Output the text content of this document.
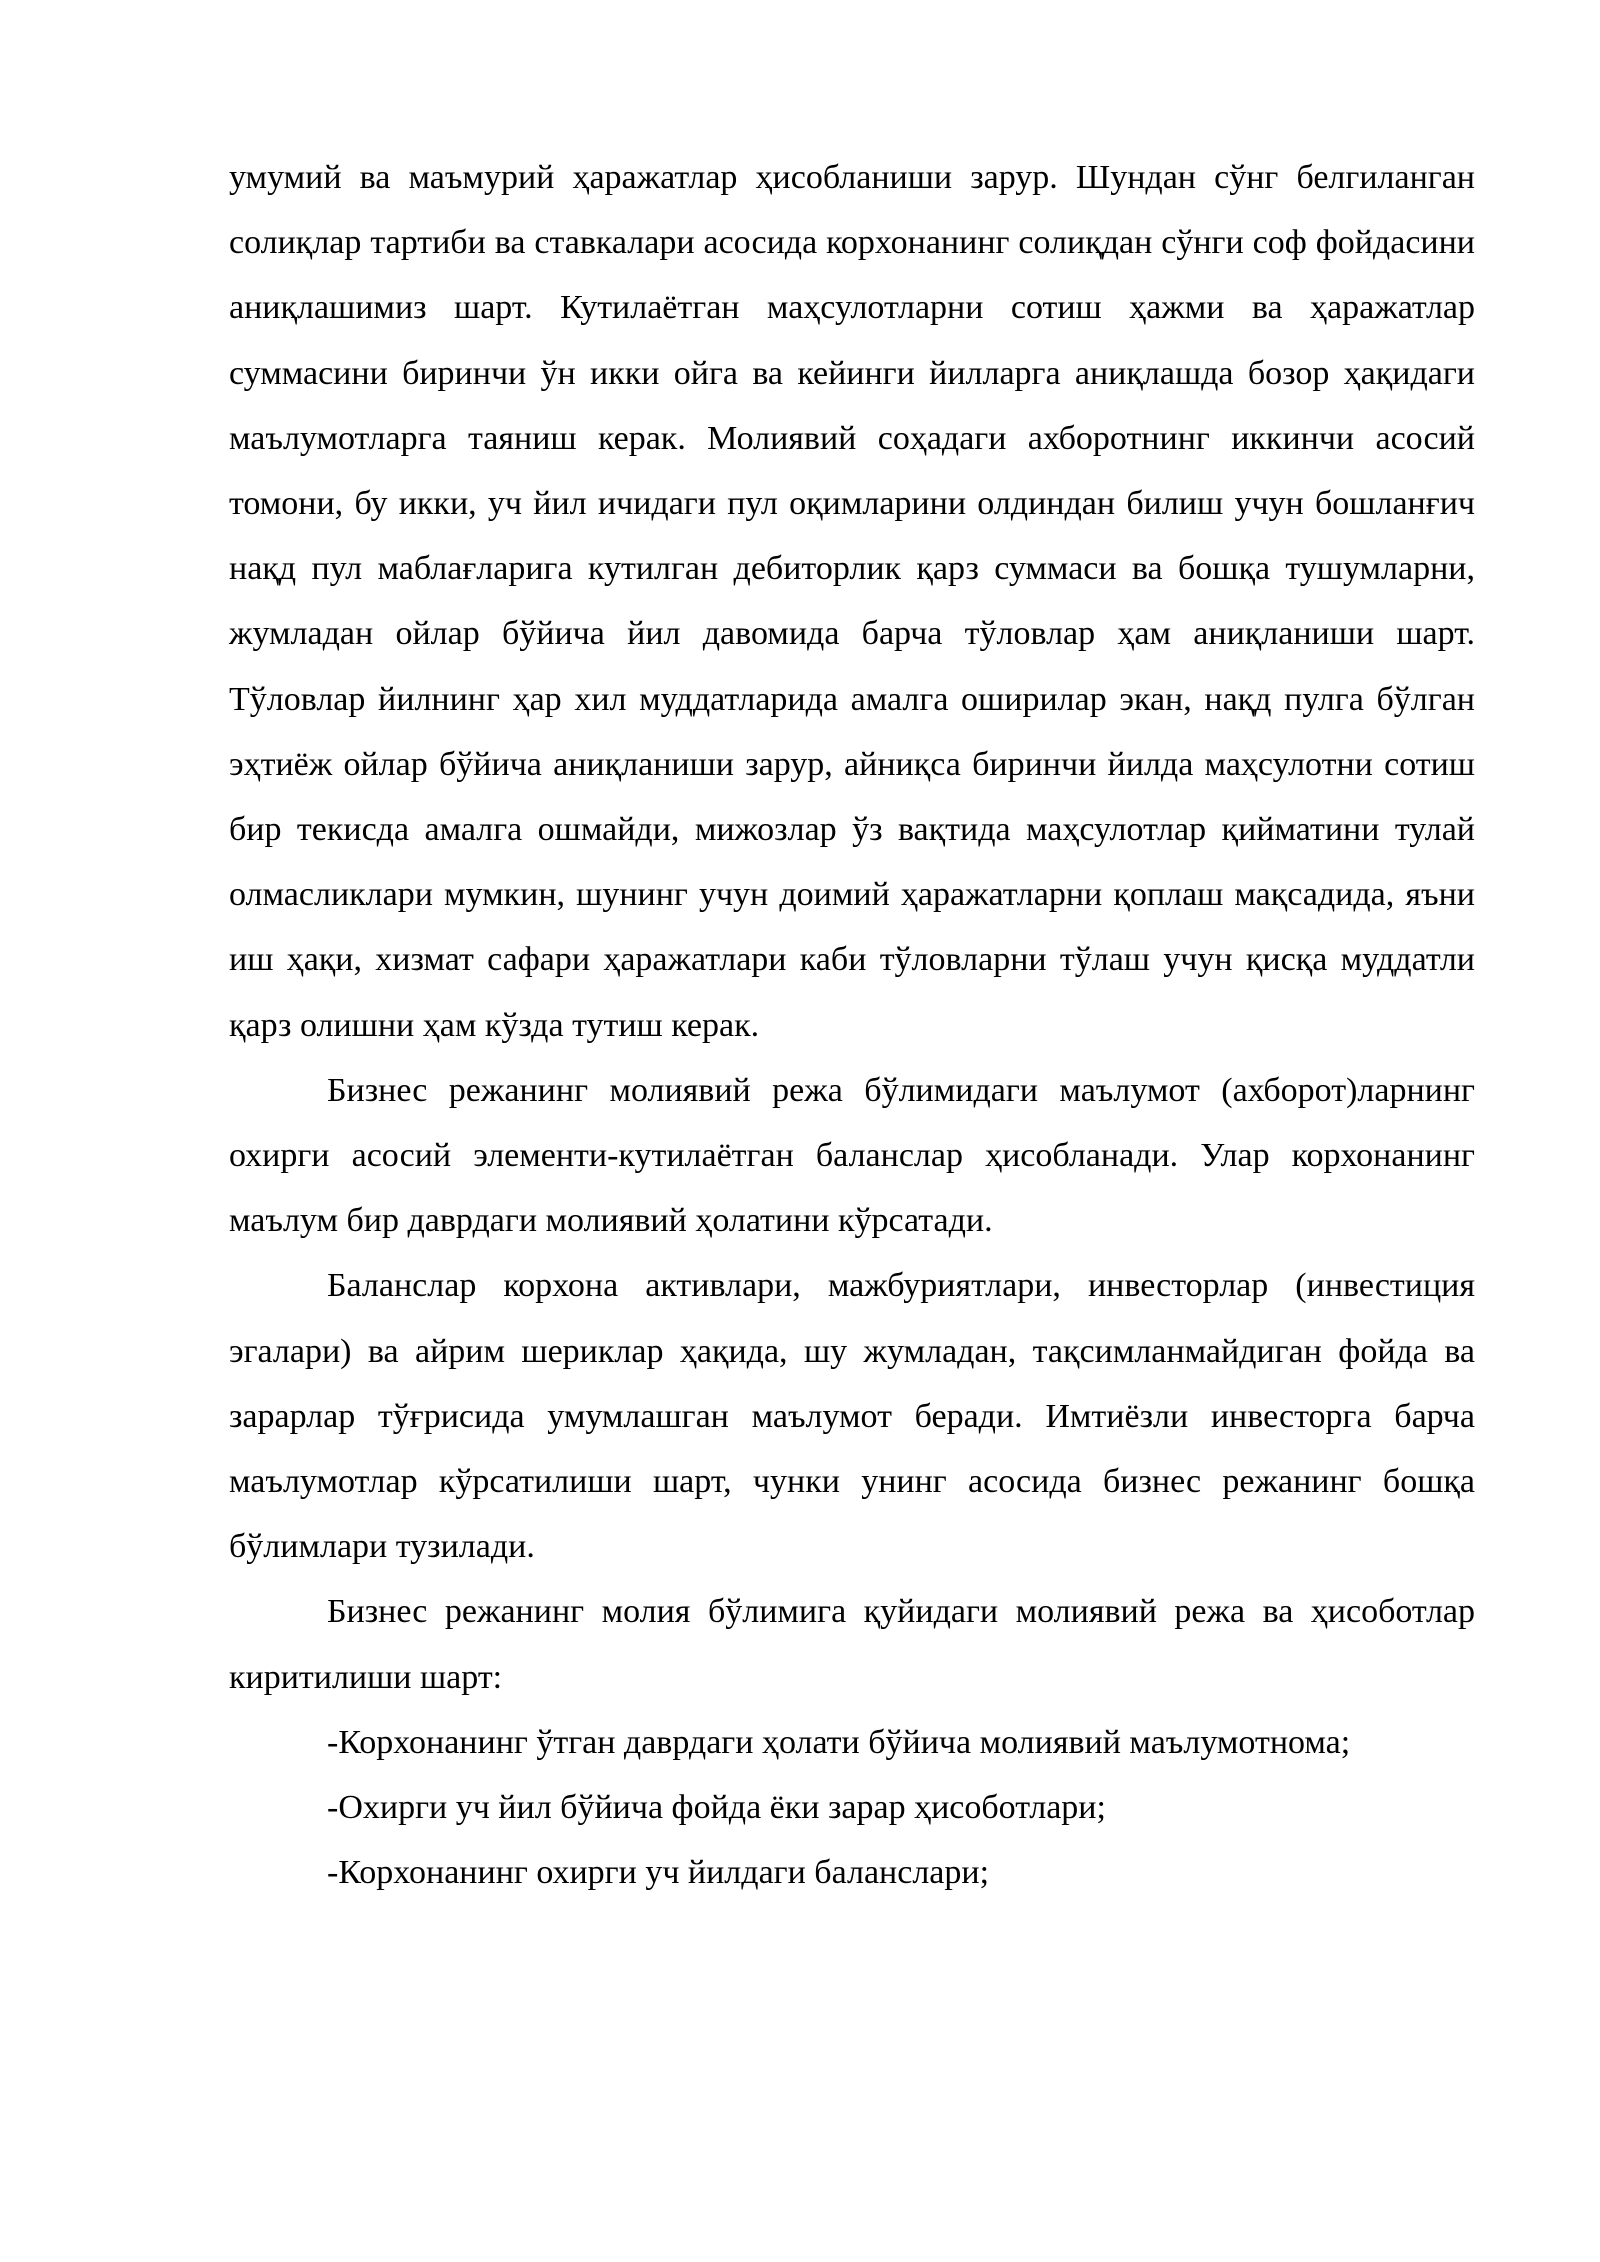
умумий ва маъмурий ҳаражатлар ҳисобланиши зарур. Шундан сўнг белгиланган солиқлар тартиби ва ставкалари асосида корхонанинг солиқдан сўнги соф фойдасини аниқлашимиз шарт. Кутилаётган маҳсулотларни сотиш ҳажми ва ҳаражатлар суммасини биринчи ўн икки ойга ва кейинги йилларга аниқлашда бозор ҳақидаги маълумотларга таяниш керак. Молиявий соҳадаги ахборотнинг иккинчи асосий томони, бу икки, уч йил ичидаги пул оқимларини олдиндан билиш учун бошланғич нақд пул маблағларига кутилган дебиторлик қарз суммаси ва бошқа тушумларни, жумладан ойлар бўйича йил давомида барча тўловлар ҳам аниқланиши шарт. Тўловлар йилнинг ҳар хил муддатларида амалга оширилар экан, нақд пулга бўлган эҳтиёж ойлар бўйича аниқланиши зарур, айниқса биринчи йилда маҳсулотни сотиш бир текисда амалга ошмайди, мижозлар ўз вақтида маҳсулотлар қийматини тулай олмасликлари мумкин, шунинг учун доимий ҳаражатларни қоплаш мақсадида, яъни иш ҳақи, хизмат сафари ҳаражатлари каби тўловларни тўлаш учун қисқа муддатли қарз олишни ҳам кўзда тутиш керак.

Бизнес режанинг молиявий режа бўлимидаги маълумот (ахборот)ларнинг охирги асосий элементи-кутилаётган баланслар ҳисобланади. Улар корхонанинг маълум бир даврдаги молиявий ҳолатини кўрсатади.

Баланслар корхона активлари, мажбуриятлари, инвесторлар (инвестиция эгалари) ва айрим шериклар ҳақида, шу жумладан, тақсимланмайдиган фойда ва зарарлар тўғрисида умумлашган маълумот беради. Имтиёзли инвесторга барча маълумотлар кўрсатилиши шарт, чунки унинг асосида бизнес режанинг бошқа бўлимлари тузилади.

Бизнес режанинг молия бўлимига қуйидаги молиявий режа ва ҳисоботлар киритилиши шарт:

-Корхонанинг ўтган даврдаги ҳолати бўйича молиявий маълумотнома;

-Охирги уч йил бўйича фойда ёки зарар ҳисоботлари;

-Корхонанинг охирги уч йилдаги баланслари;
